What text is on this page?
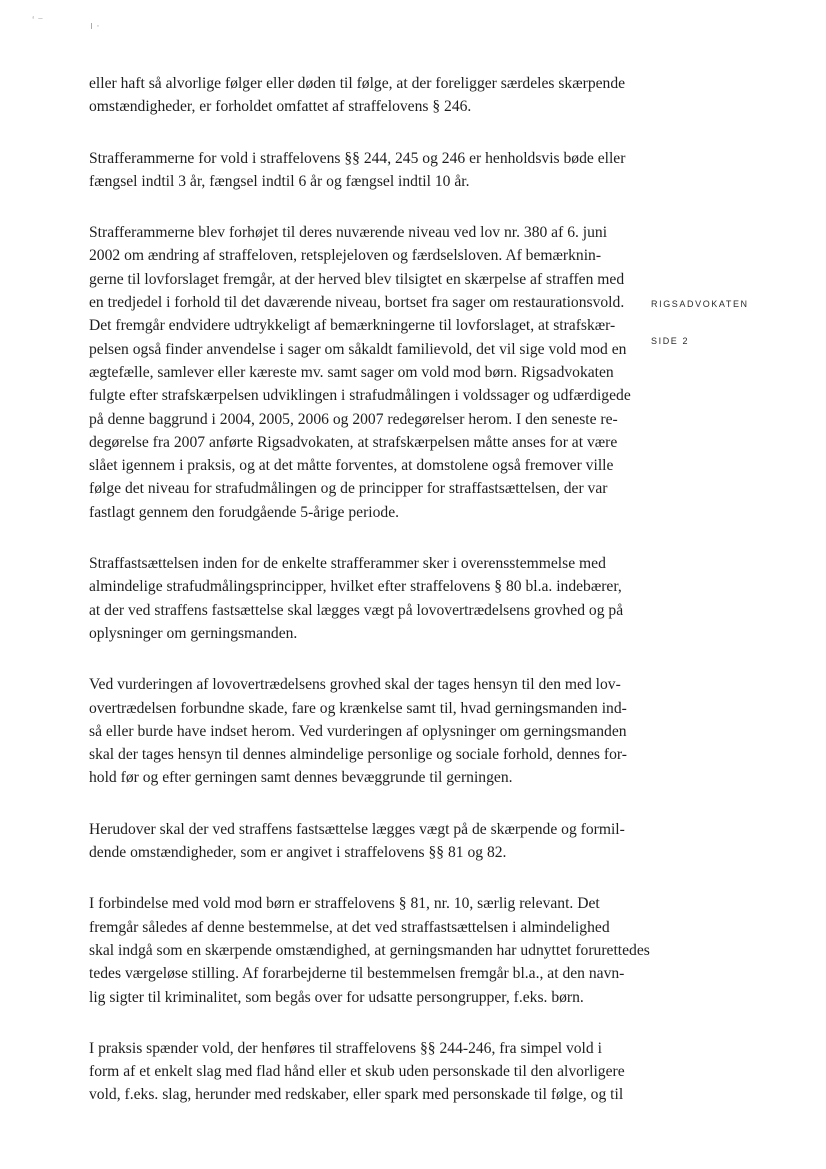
ʻ ⁻	ı ·
RIGSADVOKATEN
SIDE 2

eller haft så alvorlige følger eller døden til følge, at der foreligger særdeles skærpende
omstændigheder, er forholdet omfattet af straffelovens § 246.

Strafferammerne for vold i straffelovens §§ 244, 245 og 246 er henholdsvis bøde eller
fængsel indtil 3 år, fængsel indtil 6 år og fængsel indtil 10 år.

Strafferammerne blev forhøjet til deres nuværende niveau ved lov nr. 380 af 6. juni
2002 om ændring af straffeloven, retsplejeloven og færdselsloven. Af bemærknin-
gerne til lovforslaget fremgår, at der herved blev tilsigtet en skærpelse af straffen med
en tredjedel i forhold til det daværende niveau, bortset fra sager om restaurationsvold.
Det fremgår endvidere udtrykkeligt af bemærkningerne til lovforslaget, at strafskær-
pelsen også finder anvendelse i sager om såkaldt familievold, det vil sige vold mod en
ægtefælle, samlever eller kæreste mv. samt sager om vold mod børn. Rigsadvokaten
fulgte efter strafskærpelsen udviklingen i strafudmålingen i voldssager og udfærdigede
på denne baggrund i 2004, 2005, 2006 og 2007 redegørelser herom. I den seneste re-
degørelse fra 2007 anførte Rigsadvokaten, at strafskærpelsen måtte anses for at være
slået igennem i praksis, og at det måtte forventes, at domstolene også fremover ville
følge det niveau for strafudmålingen og de principper for straffastsættelsen, der var
fastlagt gennem den forudgående 5-årige periode.

Straffastsættelsen inden for de enkelte strafferammer sker i overensstemmelse med
almindelige strafudmålingsprincipper, hvilket efter straffelovens § 80 bl.a. indebærer,
at der ved straffens fastsættelse skal lægges vægt på lovovertrædelsens grovhed og på
oplysninger om gerningsmanden.

Ved vurderingen af lovovertrædelsens grovhed skal der tages hensyn til den med lov-
overtrædelsen forbundne skade, fare og krænkelse samt til, hvad gerningsmanden ind-
så eller burde have indset herom. Ved vurderingen af oplysninger om gerningsmanden
skal der tages hensyn til dennes almindelige personlige og sociale forhold, dennes for-
hold før og efter gerningen samt dennes bevæggrunde til gerningen.

Herudover skal der ved straffens fastsættelse lægges vægt på de skærpende og formil-
dende omstændigheder, som er angivet i straffelovens §§ 81 og 82.

I forbindelse med vold mod børn er straffelovens § 81, nr. 10, særlig relevant. Det
fremgår således af denne bestemmelse, at det ved straffastsættelsen i almindelighed
skal indgå som en skærpende omstændighed, at gerningsmanden har udnyttet forurettedes
tedes værgeløse stilling. Af forarbejderne til bestemmelsen fremgår bl.a., at den navn-
lig sigter til kriminalitet, som begås over for udsatte persongrupper, f.eks. børn.

I praksis spænder vold, der henføres til straffelovens §§ 244-246, fra simpel vold i
form af et enkelt slag med flad hånd eller et skub uden personskade til den alvorligere
vold, f.eks. slag, herunder med redskaber, eller spark med personskade til følge, og til
